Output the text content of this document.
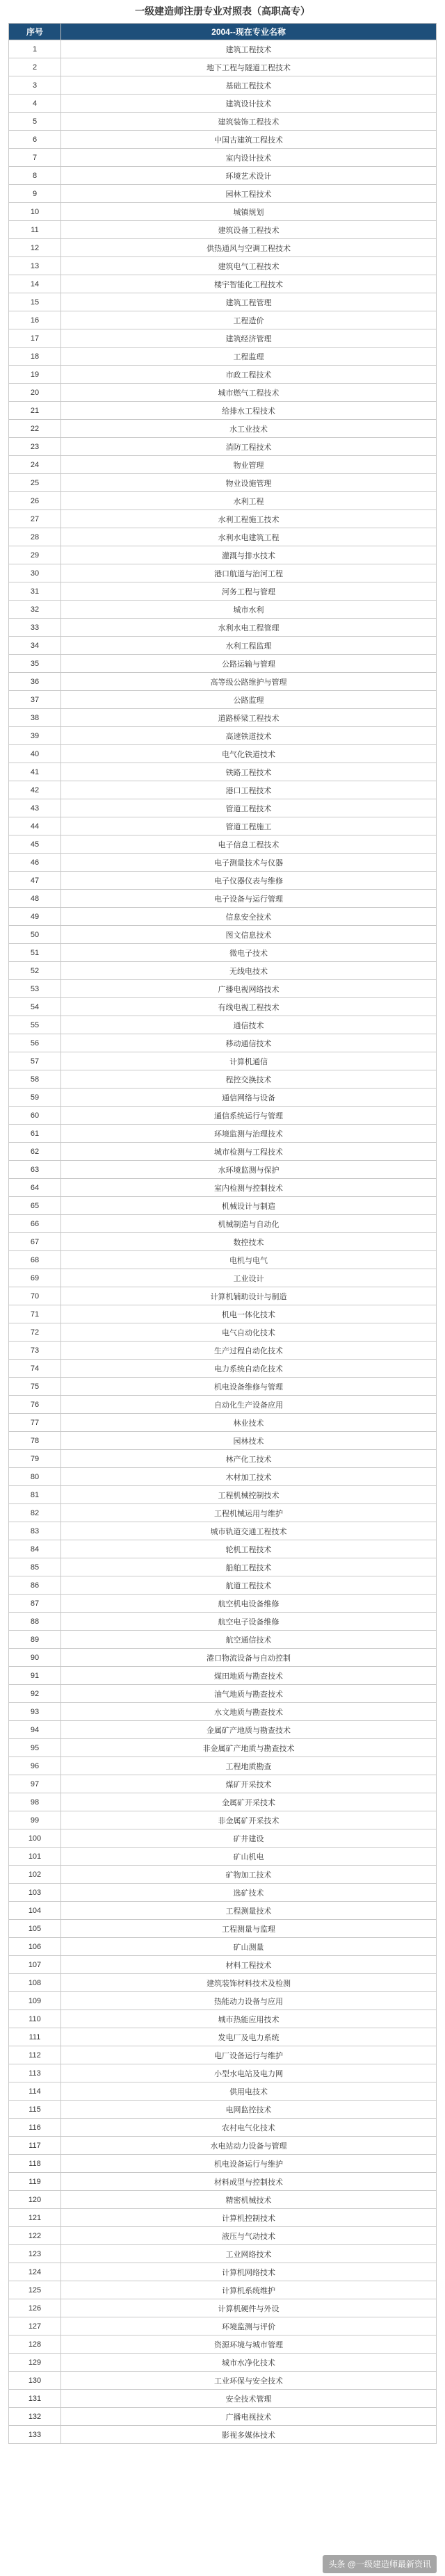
一级建造师注册专业对照表（高职高专）
序号	2004--现在专业名称
1	建筑工程技术
2	地下工程与隧道工程技术
3	基础工程技术
4	建筑设计技术
5	建筑装饰工程技术
6	中国古建筑工程技术
7	室内设计技术
8	环境艺术设计
9	园林工程技术
10	城镇规划
11	建筑设备工程技术
12	供热通风与空调工程技术
13	建筑电气工程技术
14	楼宇智能化工程技术
15	建筑工程管理
16	工程造价
17	建筑经济管理
18	工程监理
19	市政工程技术
20	城市燃气工程技术
21	给排水工程技术
22	水工业技术
23	消防工程技术
24	物业管理
25	物业设施管理
26	水利工程
27	水利工程施工技术
28	水利水电建筑工程
29	灌溉与排水技术
30	港口航道与治河工程
31	河务工程与管理
32	城市水利
33	水利水电工程管理
34	水利工程监理
35	公路运输与管理
36	高等级公路维护与管理
37	公路监理
38	道路桥梁工程技术
39	高速铁道技术
40	电气化铁道技术
41	铁路工程技术
42	港口工程技术
43	管道工程技术
44	管道工程施工
45	电子信息工程技术
46	电子测量技术与仪器
47	电子仪器仪表与维修
48	电子设备与运行管理
49	信息安全技术
50	图文信息技术
51	微电子技术
52	无线电技术
53	广播电视网络技术
54	有线电视工程技术
55	通信技术
56	移动通信技术
57	计算机通信
58	程控交换技术
59	通信网络与设备
60	通信系统运行与管理
61	环境监测与治理技术
62	城市检测与工程技术
63	水环境监测与保护
64	室内检测与控制技术
65	机械设计与制造
66	机械制造与自动化
67	数控技术
68	电机与电气
69	工业设计
70	计算机辅助设计与制造
71	机电一体化技术
72	电气自动化技术
73	生产过程自动化技术
74	电力系统自动化技术
75	机电设备维修与管理
76	自动化生产设备应用
77	林业技术
78	园林技术
79	林产化工技术
80	木材加工技术
81	工程机械控制技术
82	工程机械运用与维护
83	城市轨道交通工程技术
84	轮机工程技术
85	船舶工程技术
86	航道工程技术
87	航空机电设备维修
88	航空电子设备维修
89	航空通信技术
90	港口物流设备与自动控制
91	煤田地质与勘查技术
92	油气地质与勘查技术
93	水文地质与勘查技术
94	金属矿产地质与勘查技术
95	非金属矿产地质与勘查技术
96	工程地质勘查
97	煤矿开采技术
98	金属矿开采技术
99	非金属矿开采技术
100	矿井建设
101	矿山机电
102	矿物加工技术
103	选矿技术
104	工程测量技术
105	工程测量与监理
106	矿山测量
107	材料工程技术
108	建筑装饰材料技术及检测
109	热能动力设备与应用
110	城市热能应用技术
111	发电厂及电力系统
112	电厂设备运行与维护
113	小型水电站及电力网
114	供用电技术
115	电网监控技术
116	农村电气化技术
117	水电站动力设备与管理
118	机电设备运行与维护
119	材料成型与控制技术
120	精密机械技术
121	计算机控制技术
122	液压与气动技术
123	工业网络技术
124	计算机网络技术
125	计算机系统维护
126	计算机硬件与外设
127	环境监测与评价
128	资源环境与城市管理
129	城市水净化技术
130	工业环保与安全技术
131	安全技术管理
132	广播电视技术
133	影视多媒体技术
头条 @一级建造师最新资讯
